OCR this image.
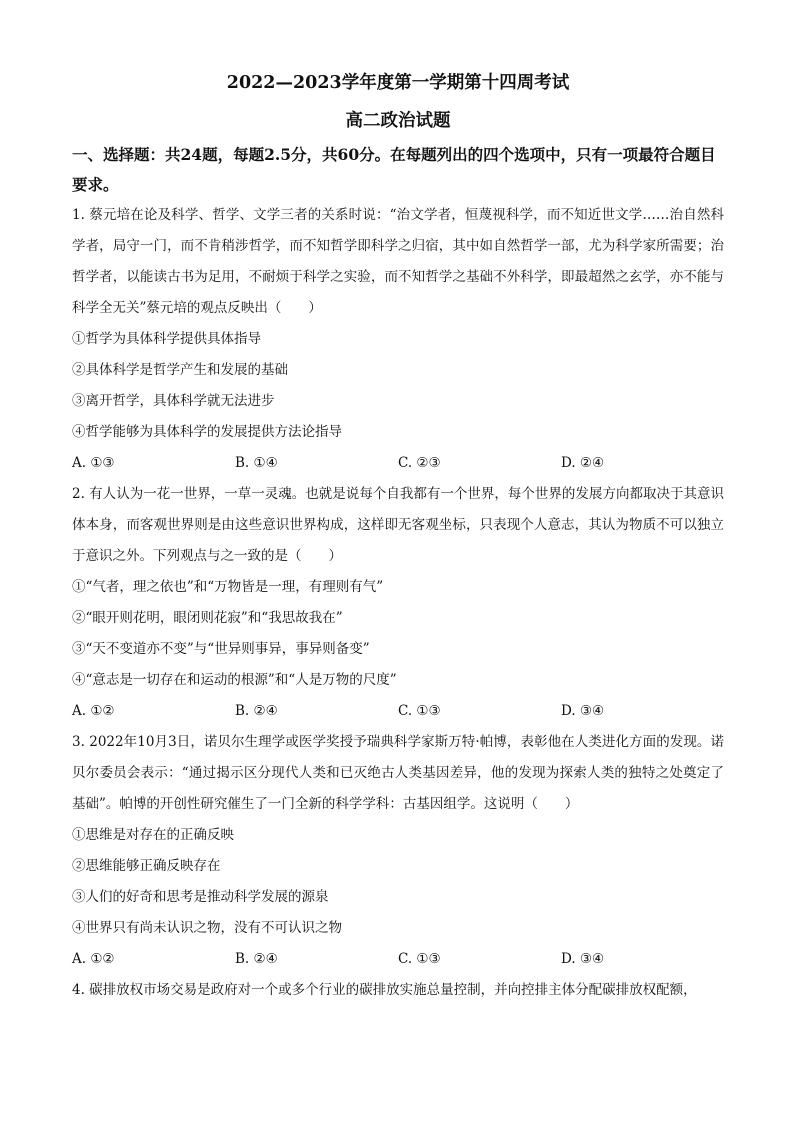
2022—2023学年度第一学期第十四周考试
高二政治试题

一、选择题：共24题，每题2.5分，共60分。在每题列出的四个选项中，只有一项最符合题目要求。

1. 蔡元培在论及科学、哲学、文学三者的关系时说：“治文学者，恒蔑视科学，而不知近世文学……治自然科学者，局守一门，而不肯稍涉哲学，而不知哲学即科学之归宿，其中如自然哲学一部，尤为科学家所需要；治哲学者，以能读古书为足用，不耐烦于科学之实验，而不知哲学之基础不外科学，即最超然之玄学，亦不能与科学全无关”蔡元培的观点反映出（　　）

①哲学为具体科学提供具体指导

②具体科学是哲学产生和发展的基础

③离开哲学，具体科学就无法进步

④哲学能够为具体科学的发展提供方法论指导

A. ①③	B. ①④	C. ②③	D. ②④

2. 有人认为一花一世界，一草一灵魂。也就是说每个自我都有一个世界，每个世界的发展方向都取决于其意识体本身，而客观世界则是由这些意识世界构成，这样即无客观坐标，只表现个人意志，其认为物质不可以独立于意识之外。下列观点与之一致的是（　　）

①“气者，理之依也”和“万物皆是一理，有理则有气”

②“眼开则花明，眼闭则花寂”和“我思故我在”

③“天不变道亦不变”与“世异则事异，事异则备变”

④“意志是一切存在和运动的根源”和“人是万物的尺度”

A. ①②	B. ②④	C. ①③	D. ③④

3. 2022年10月3日，诺贝尔生理学或医学奖授予瑞典科学家斯万特·帕博，表彰他在人类进化方面的发现。诺贝尔委员会表示：“通过揭示区分现代人类和已灭绝古人类基因差异，他的发现为探索人类的独特之处奠定了基础”。帕博的开创性研究催生了一门全新的科学学科：古基因组学。这说明（　　）

①思维是对存在的正确反映

②思维能够正确反映存在

③人们的好奇和思考是推动科学发展的源泉

④世界只有尚未认识之物，没有不可认识之物

A. ①②	B. ②④	C. ①③	D. ③④

4. 碳排放权市场交易是政府对一个或多个行业的碳排放实施总量控制，并向控排主体分配碳排放权配额，
